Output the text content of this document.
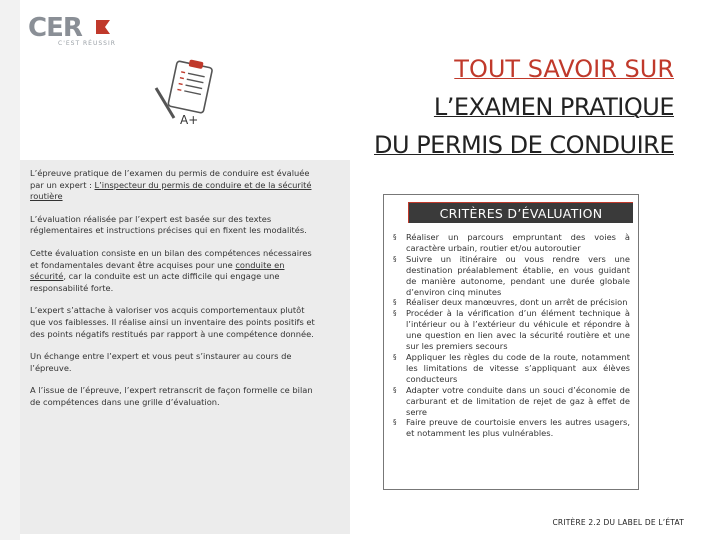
CER
C'EST RÉUSSIR
A+
TOUT SAVOIR SUR
L’EXAMEN PRATIQUE
DU PERMIS DE CONDUIRE

L’épreuve pratique de l’examen du permis de conduire est évaluée par un expert : L’inspecteur du permis de conduire et de la sécurité routière

L’évaluation réalisée par l’expert est basée sur des textes réglementaires et instructions précises qui en fixent les modalités.

Cette évaluation consiste en un bilan des compétences nécessaires et fondamentales devant être acquises pour une conduite en sécurité, car la conduite est un acte difficile qui engage une responsabilité forte.

L’expert s’attache à valoriser vos acquis comportementaux plutôt que vos faiblesses. Il réalise ainsi un inventaire des points positifs et des points négatifs restitués par rapport à une compétence donnée.

Un échange entre l’expert et vous peut s’instaurer au cours de l’épreuve.

A l’issue de l’épreuve, l’expert retranscrit de façon formelle ce bilan de compétences dans une grille d’évaluation.

CRITÈRES D’ÉVALUATION
§ Réaliser un parcours empruntant des voies à caractère urbain, routier et/ou autoroutier
§ Suivre un itinéraire ou vous rendre vers une destination préalablement établie, en vous guidant de manière autonome, pendant une durée globale d’environ cinq minutes
§ Réaliser deux manœuvres, dont un arrêt de précision
§ Procéder à la vérification d’un élément technique à l’intérieur ou à l’extérieur du véhicule et répondre à une question en lien avec la sécurité routière et une sur les premiers secours
§ Appliquer les règles du code de la route, notamment les limitations de vitesse s’appliquant aux élèves conducteurs
§ Adapter votre conduite dans un souci d’économie de carburant et de limitation de rejet de gaz à effet de serre
§ Faire preuve de courtoisie envers les autres usagers, et notamment les plus vulnérables.
CRITÈRE 2.2 DU LABEL DE L’ÉTAT
